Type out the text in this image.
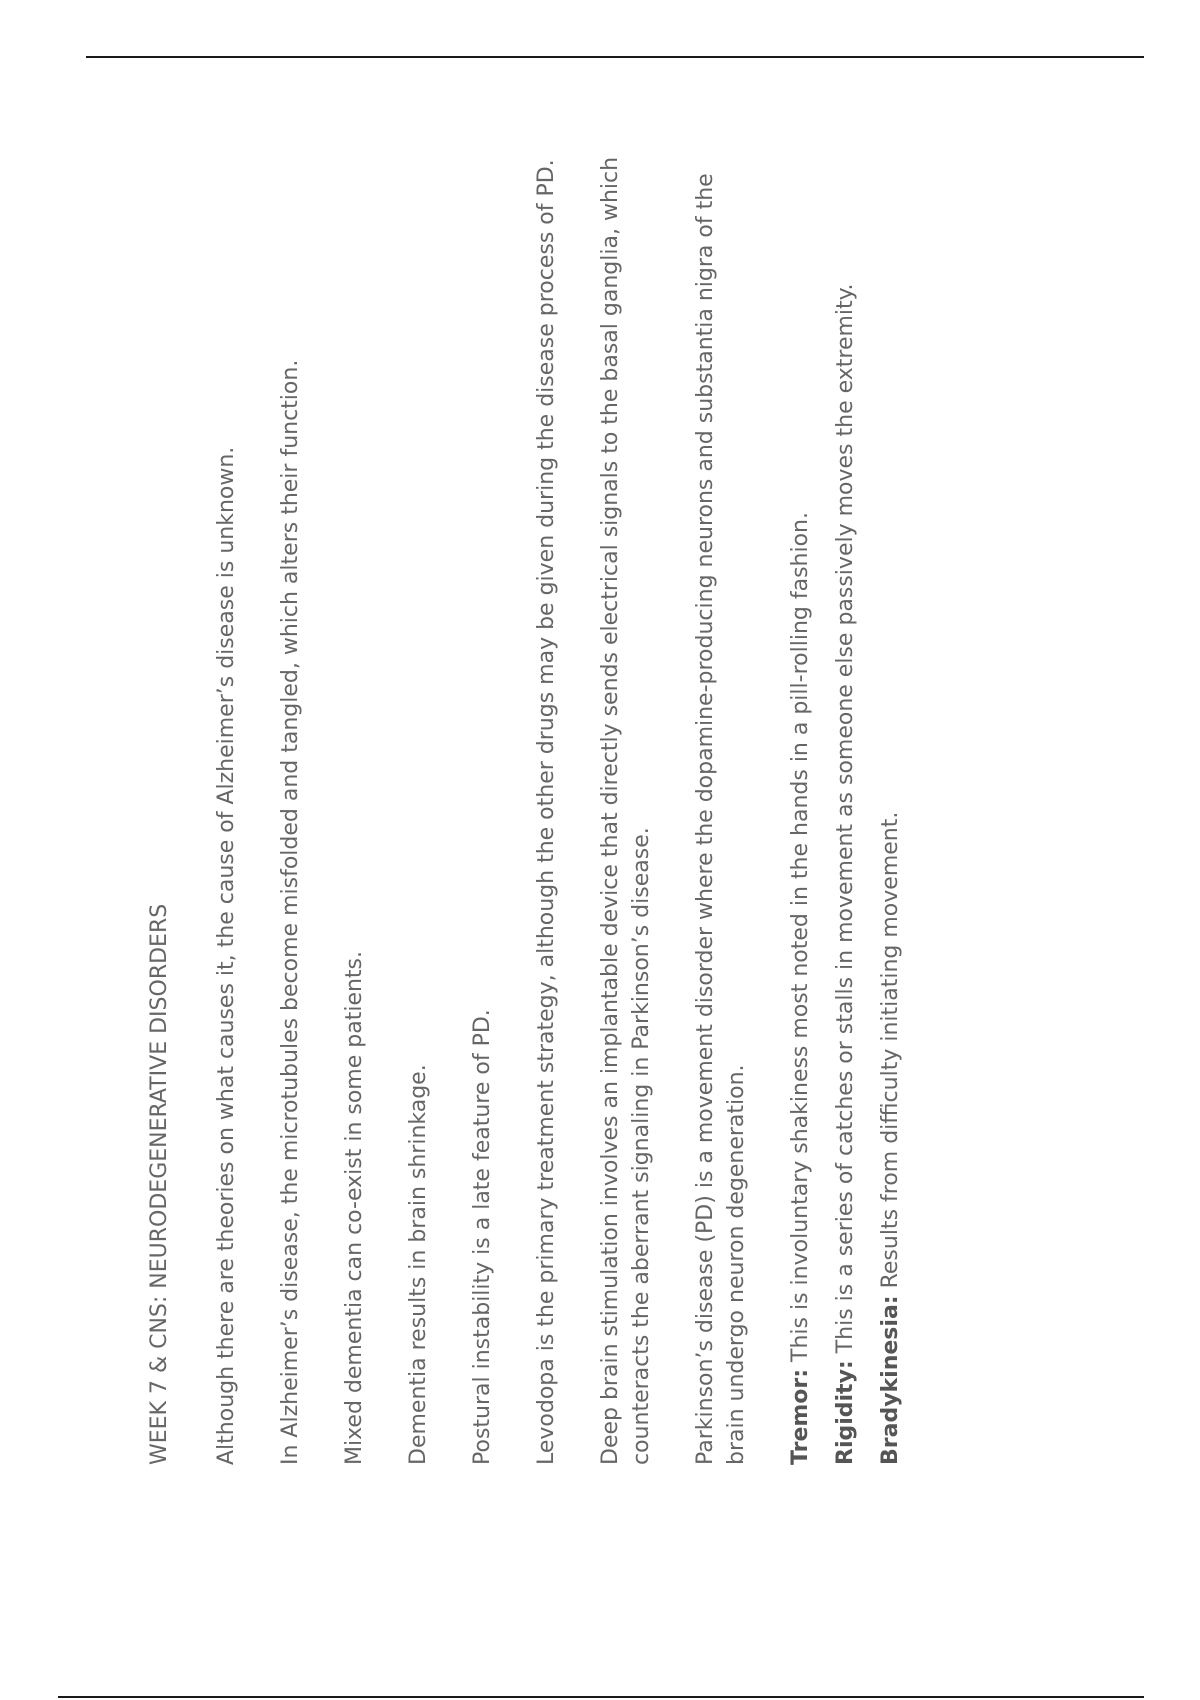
WEEK 7 & CNS: NEURODEGENERATIVE DISORDERS Although there are theories on what causes it, the cause of Alzheimer’s disease is unknown. In Alzheimer’s disease, the microtubules become misfolded and tangled, which alters their function. Mixed dementia can co-exist in some patients. Dementia results in brain shrinkage. Postural instability is a late feature of PD. Levodopa is the primary treatment strategy, although the other drugs may be given during the disease process of PD. Deep brain stimulation involves an implantable device that directly sends electrical signals to the basal ganglia, which counteracts the aberrant signaling in Parkinson’s disease. Parkinson’s disease (PD) is a movement disorder where the dopamine-producing neurons and substantia nigra of the brain undergo neuron degeneration. Tremor: This is involuntary shakiness most noted in the hands in a pill-rolling fashion.

Rigidity: This is a series of catches or stalls in movement as someone else passively moves the extremity.

Bradykinesia: Results from difficulty initiating movement.
